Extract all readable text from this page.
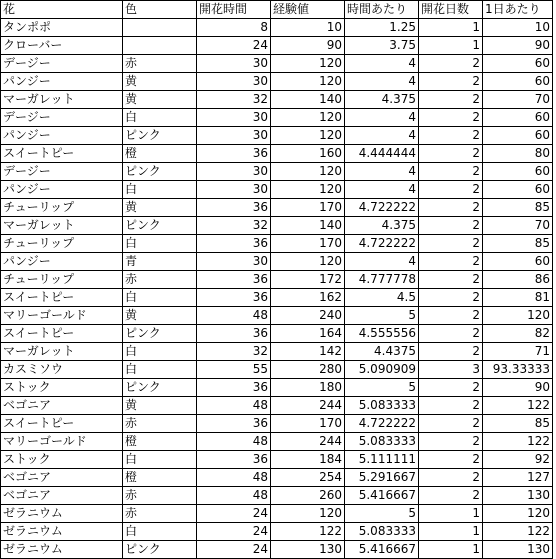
花	色	開花時間	経験値	時間あたり	開花日数	1日あたり
タンポポ		8	10	1.25	1	10
クローバー		24	90	3.75	1	90
デージー	赤	30	120	4	2	60
パンジー	黄	30	120	4	2	60
マーガレット	黄	32	140	4.375	2	70
デージー	白	30	120	4	2	60
パンジー	ピンク	30	120	4	2	60
スイートピー	橙	36	160	4.444444	2	80
デージー	ピンク	30	120	4	2	60
パンジー	白	30	120	4	2	60
チューリップ	黄	36	170	4.722222	2	85
マーガレット	ピンク	32	140	4.375	2	70
チューリップ	白	36	170	4.722222	2	85
パンジー	青	30	120	4	2	60
チューリップ	赤	36	172	4.777778	2	86
スイートピー	白	36	162	4.5	2	81
マリーゴールド	黄	48	240	5	2	120
スイートピー	ピンク	36	164	4.555556	2	82
マーガレット	白	32	142	4.4375	2	71
カスミソウ	白	55	280	5.090909	3	93.33333
ストック	ピンク	36	180	5	2	90
ベゴニア	黄	48	244	5.083333	2	122
スイートピー	赤	36	170	4.722222	2	85
マリーゴールド	橙	48	244	5.083333	2	122
ストック	白	36	184	5.111111	2	92
ベゴニア	橙	48	254	5.291667	2	127
ベゴニア	赤	48	260	5.416667	2	130
ゼラニウム	赤	24	120	5	1	120
ゼラニウム	白	24	122	5.083333	1	122
ゼラニウム	ピンク	24	130	5.416667	1	130
